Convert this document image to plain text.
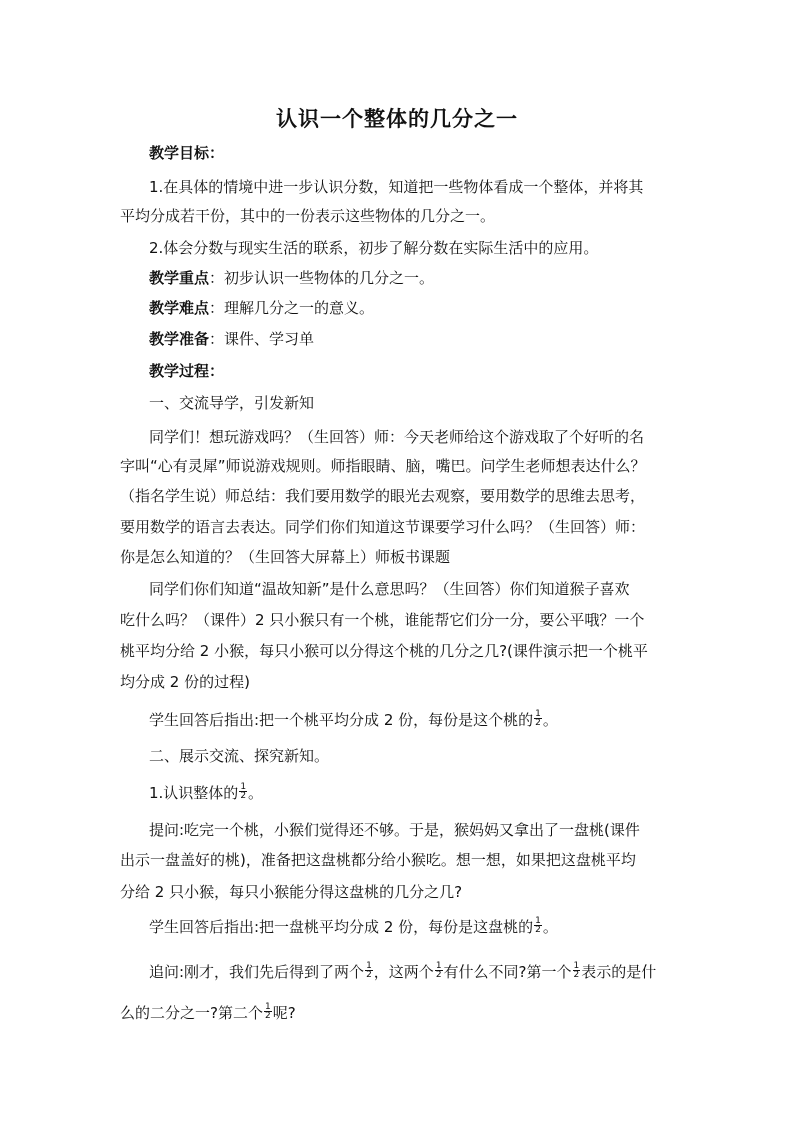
认识一个整体的几分之一
教学目标：
1.在具体的情境中进一步认识分数，知道把一些物体看成一个整体，并将其
平均分成若干份，其中的一份表示这些物体的几分之一。
2.体会分数与现实生活的联系，初步了解分数在实际生活中的应用。
教学重点：初步认识一些物体的几分之一。
教学难点：理解几分之一的意义。
教学准备：课件、学习单
教学过程：
一、交流导学，引发新知
同学们！想玩游戏吗？（生回答）师：今天老师给这个游戏取了个好听的名
字叫“心有灵犀”师说游戏规则。师指眼睛、脑，嘴巴。问学生老师想表达什么？
（指名学生说）师总结：我们要用数学的眼光去观察，要用数学的思维去思考，
要用数学的语言去表达。同学们你们知道这节课要学习什么吗？（生回答）师：
你是怎么知道的？（生回答大屏幕上）师板书课题
同学们你们知道“温故知新”是什么意思吗？（生回答）你们知道猴子喜欢
吃什么吗？（课件）2 只小猴只有一个桃，谁能帮它们分一分，要公平哦？一个
桃平均分给 2 小猴，每只小猴可以分得这个桃的几分之几?(课件演示把一个桃平
均分成 2 份的过程)
学生回答后指出:把一个桃平均分成 2 份，每份是这个桃的 $\frac{1}{2}$ 。
二、展示交流、探究新知。
1.认识整体的 $\frac{1}{2}$ 。
提问:吃完一个桃，小猴们觉得还不够。于是，猴妈妈又拿出了一盘桃(课件
出示一盘盖好的桃)，准备把这盘桃都分给小猴吃。想一想，如果把这盘桃平均
分给 2 只小猴，每只小猴能分得这盘桃的几分之几?
学生回答后指出:把一盘桃平均分成 2 份，每份是这盘桃的 $\frac{1}{2}$ 。
追问:刚才，我们先后得到了两个 $\frac{1}{2}$ ，这两个 $\frac{1}{2}$ 有什么不同?第一个 $\frac{1}{2}$ 表示的是什
么的二分之一?第二个 $\frac{1}{2}$ 呢?
